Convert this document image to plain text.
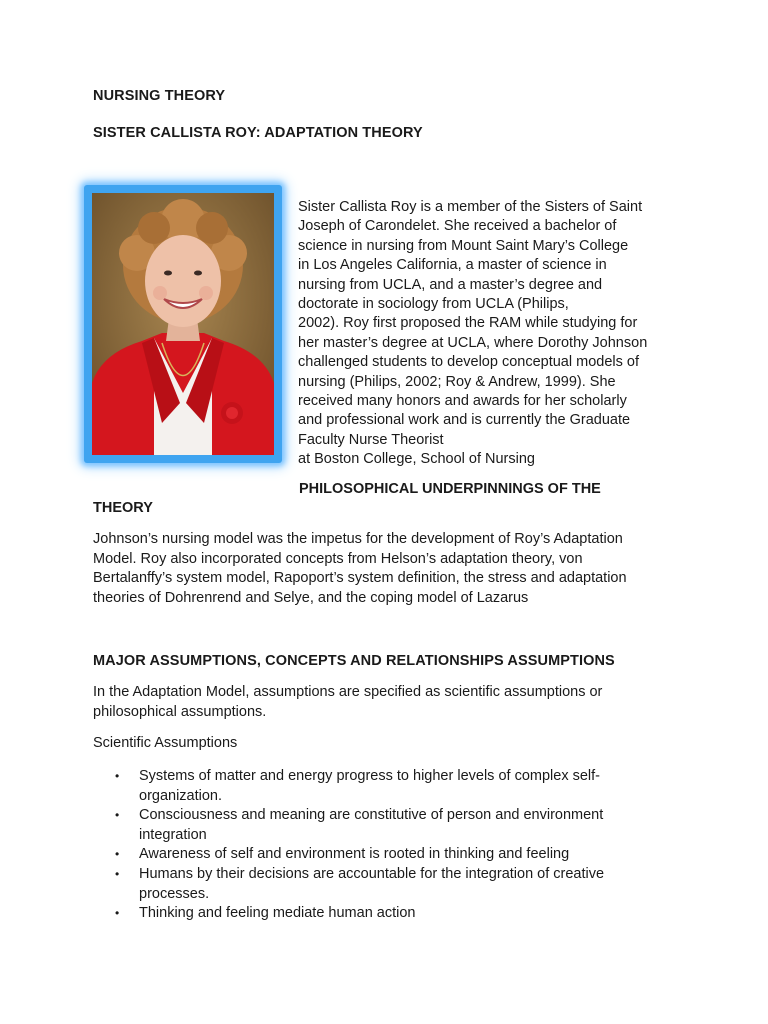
NURSING THEORY
SISTER CALLISTA ROY: ADAPTATION THEORY

Sister Callista Roy is a member of the Sisters of Saint
Joseph of Carondelet. She received a bachelor of
science in nursing from Mount Saint Mary’s College
in Los Angeles California, a master of science in
nursing from UCLA, and a master’s degree and
doctorate in sociology from UCLA (Philips,
2002). Roy first proposed the RAM while studying for
her master’s degree at UCLA, where Dorothy Johnson
challenged students to develop conceptual models of
nursing (Philips, 2002; Roy & Andrew, 1999). She
received many honors and awards for her scholarly
and professional work and is currently the Graduate
Faculty Nurse Theorist
at Boston College, School of Nursing

PHILOSOPHICAL UNDERPINNINGS OF THE

THEORY

Johnson’s nursing model was the impetus for the development of Roy’s Adaptation
Model. Roy also incorporated concepts from Helson’s adaptation theory, von
Bertalanffy’s system model, Rapoport’s system definition, the stress and adaptation
theories of Dohrenrend and Selye, and the coping model of Lazarus

MAJOR ASSUMPTIONS, CONCEPTS AND RELATIONSHIPS ASSUMPTIONS

In the Adaptation Model, assumptions are specified as scientific assumptions or
philosophical assumptions.

Scientific Assumptions

• Systems of matter and energy progress to higher levels of complex self-
organization.
• Consciousness and meaning are constitutive of person and environment
integration
• Awareness of self and environment is rooted in thinking and feeling
• Humans by their decisions are accountable for the integration of creative
processes.
• Thinking and feeling mediate human action
